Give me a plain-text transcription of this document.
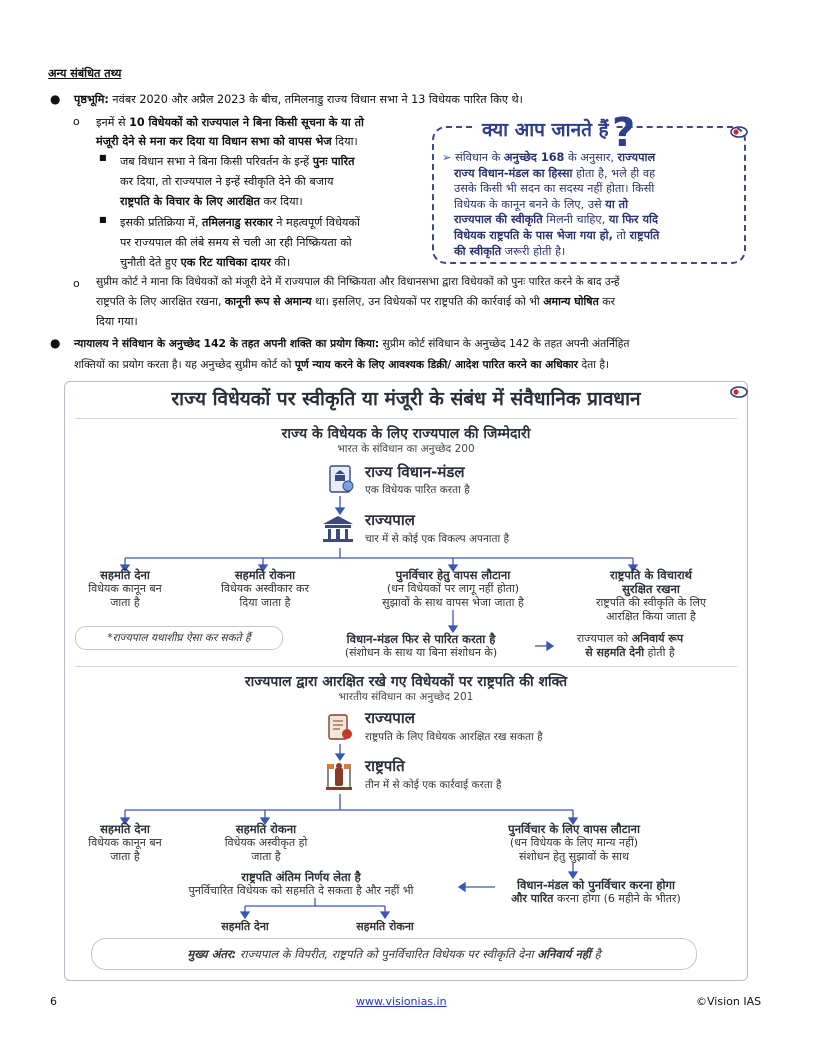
अन्य संबंधित तथ्य
● पृष्ठभूमि: नवंबर 2020 और अप्रैल 2023 के बीच, तमिलनाडु राज्य विधान सभा ने 13 विधेयक पारित किए थे।
o इनमें से 10 विधेयकों को राज्यपाल ने बिना किसी सूचना के या तो
मंजूरी देने से मना कर दिया या विधान सभा को वापस भेज दिया।
■ जब विधान सभा ने बिना किसी परिवर्तन के इन्हें पुनः पारित
कर दिया, तो राज्यपाल ने इन्हें स्वीकृति देने की बजाय
राष्ट्रपति के विचार के लिए आरक्षित कर दिया।
■ इसकी प्रतिक्रिया में, तमिलनाडु सरकार ने महत्वपूर्ण विधेयकों
पर राज्यपाल की लंबे समय से चली आ रही निष्क्रियता को
चुनौती देते हुए एक रिट याचिका दायर की।
o सुप्रीम कोर्ट ने माना कि विधेयकों को मंजूरी देने में राज्यपाल की निष्क्रियता और विधानसभा द्वारा विधेयकों को पुनः पारित करने के बाद उन्हें
राष्ट्रपति के लिए आरक्षित रखना, कानूनी रूप से अमान्य था। इसलिए, उन विधेयकों पर राष्ट्रपति की कार्रवाई को भी अमान्य घोषित कर
दिया गया।
● न्यायालय ने संविधान के अनुच्छेद 142 के तहत अपनी शक्ति का प्रयोग किया: सुप्रीम कोर्ट संविधान के अनुच्छेद 142 के तहत अपनी अंतर्निहित
शक्तियों का प्रयोग करता है। यह अनुच्छेद सुप्रीम कोर्ट को पूर्ण न्याय करने के लिए आवश्यक डिक्री/ आदेश पारित करने का अधिकार देता है।
क्या आप जानते हैं
➢ संविधान के अनुच्छेद 168 के अनुसार, राज्यपाल
राज्य विधान-मंडल का हिस्सा होता है, भले ही वह
उसके किसी भी सदन का सदस्य नहीं होता। किसी
विधेयक के कानून बनने के लिए, उसे या तो
राज्यपाल की स्वीकृति मिलनी चाहिए, या फिर यदि
विधेयक राष्ट्रपति के पास भेजा गया हो, तो राष्ट्रपति
की स्वीकृति जरूरी होती है।
?
राज्य विधेयकों पर स्वीकृति या मंजूरी के संबंध में संवैधानिक प्रावधान
राज्य के विधेयक के लिए राज्यपाल की जिम्मेदारी
भारत के संविधान का अनुच्छेद 200
राज्य विधान-मंडल
एक विधेयक पारित करता है
राज्यपाल
चार में से कोई एक विकल्प अपनाता है
सहमति देना
विधेयक कानून बन
जाता है
सहमति रोकना
विधेयक अस्वीकार कर
दिया जाता है
पुनर्विचार हेतु वापस लौटाना
(धन विधेयकों पर लागू नहीं होता)
सुझावों के साथ वापस भेजा जाता है
राष्ट्रपति के विचारार्थ
सुरक्षित रखना
राष्ट्रपति की स्वीकृति के लिए
आरक्षित किया जाता है
*राज्यपाल यथाशीघ्र ऐसा कर सकते हैं	विधान-मंडल फिर से पारित करता है
(संशोधन के साथ या बिना संशोधन के)
राज्यपाल को अनिवार्य रूप
से सहमति देनी होती है
राज्यपाल द्वारा आरक्षित रखे गए विधेयकों पर राष्ट्रपति की शक्ति
भारतीय संविधान का अनुच्छेद 201
राज्यपाल
राष्ट्रपति के लिए विधेयक आरक्षित रख सकता है
राष्ट्रपति
तीन में से कोई एक कार्रवाई करता है
सहमति देना
विधेयक कानून बन
जाता है
सहमति रोकना
विधेयक अस्वीकृत हो
जाता है
पुनर्विचार के लिए वापस लौटाना
(धन विधेयक के लिए मान्य नहीं)
संशोधन हेतु सुझावों के साथ
राष्ट्रपति अंतिम निर्णय लेता है
पुनर्विचारित विधेयक को सहमति दे सकता है और नहीं भी	विधान-मंडल को पुनर्विचार करना होगा
और पारित करना होगा (6 महीने के भीतर)
सहमति देना	सहमति रोकना
मुख्य अंतर: राज्यपाल के विपरीत, राष्ट्रपति को पुनर्विचारित विधेयक पर स्वीकृति देना अनिवार्य नहीं है
6	www.visionias.in	©Vision IAS
